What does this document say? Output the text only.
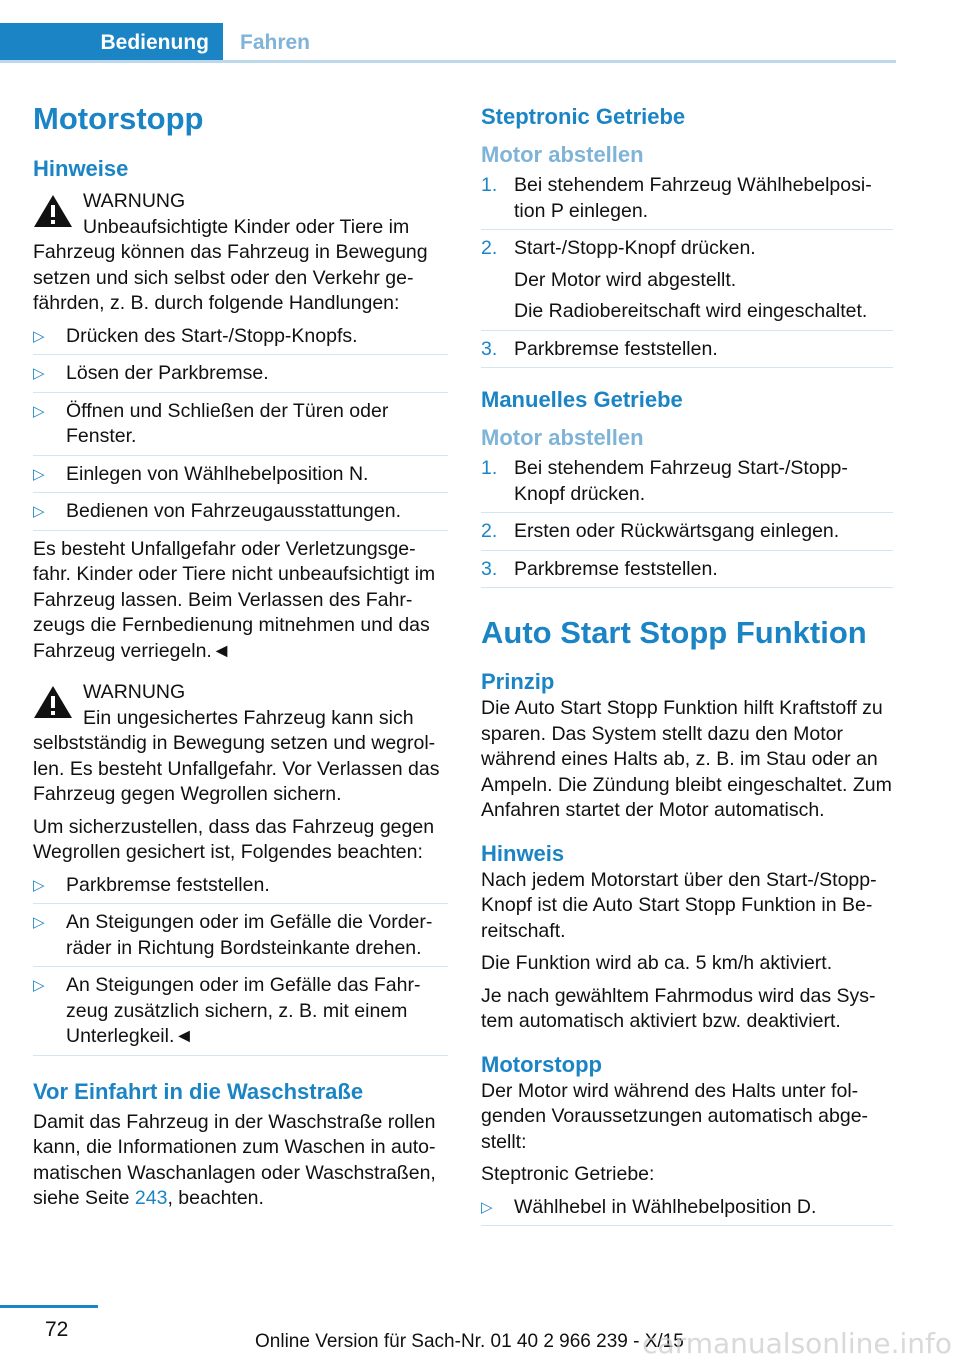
Bedienung	Fahren
Motorstopp
Hinweise
WARNUNG

Unbeaufsichtigte Kinder oder Tiere im Fahrzeug können das Fahrzeug in Bewegung setzen und sich selbst oder den Verkehr ge‐fährden, z. B. durch folgende Handlungen:

▷ Drücken des Start-/Stopp-Knopfs.
▷ Lösen der Parkbremse.
▷ Öffnen und Schließen der Türen oder Fenster.
▷ Einlegen von Wählhebelposition N.
▷ Bedienen von Fahrzeugausstattungen.

Es besteht Unfallgefahr oder Verletzungsge‐fahr. Kinder oder Tiere nicht unbeaufsichtigt im Fahrzeug lassen. Beim Verlassen des Fahr‐zeugs die Fernbedienung mitnehmen und das Fahrzeug verriegeln.◄

WARNUNG

Ein ungesichertes Fahrzeug kann sich selbstständig in Bewegung setzen und wegrol‐len. Es besteht Unfallgefahr. Vor Verlassen das Fahrzeug gegen Wegrollen sichern.

Um sicherzustellen, dass das Fahrzeug gegen Wegrollen gesichert ist, Folgendes beachten:

▷ Parkbremse feststellen.
▷ An Steigungen oder im Gefälle die Vorder‐räder in Richtung Bordsteinkante drehen.
▷ An Steigungen oder im Gefälle das Fahr‐zeug zusätzlich sichern, z. B. mit einem Unterlegkeil.◄
Vor Einfahrt in die Waschstraße

Damit das Fahrzeug in der Waschstraße rollen kann, die Informationen zum Waschen in auto‐matischen Waschanlagen oder Waschstraßen, siehe Seite 243, beachten.

Steptronic Getriebe
Motor abstellen
1. Bei stehendem Fahrzeug Wählhebelposi‐tion P einlegen.
2. Start-/Stopp-Knopf drücken.

Der Motor wird abgestellt.

Die Radiobereitschaft wird eingeschaltet.

3. Parkbremse feststellen.
Manuelles Getriebe
Motor abstellen
1. Bei stehendem Fahrzeug Start-/Stopp-Knopf drücken.
2. Ersten oder Rückwärtsgang einlegen.
3. Parkbremse feststellen.
Auto Start Stopp Funktion
Prinzip

Die Auto Start Stopp Funktion hilft Kraftstoff zu sparen. Das System stellt dazu den Motor während eines Halts ab, z. B. im Stau oder an Ampeln. Die Zündung bleibt eingeschaltet. Zum Anfahren startet der Motor automatisch.

Hinweis

Nach jedem Motorstart über den Start-/Stopp-Knopf ist die Auto Start Stopp Funktion in Be‐reitschaft.

Die Funktion wird ab ca. 5 km/h aktiviert.

Je nach gewähltem Fahrmodus wird das Sys‐tem automatisch aktiviert bzw. deaktiviert.

Motorstopp

Der Motor wird während des Halts unter fol‐genden Voraussetzungen automatisch abge‐stellt:

Steptronic Getriebe:

▷ Wählhebel in Wählhebelposition D.
72
Online Version für Sach-Nr. 01 40 2 966 239 - X/15
carmanualsonline.info
